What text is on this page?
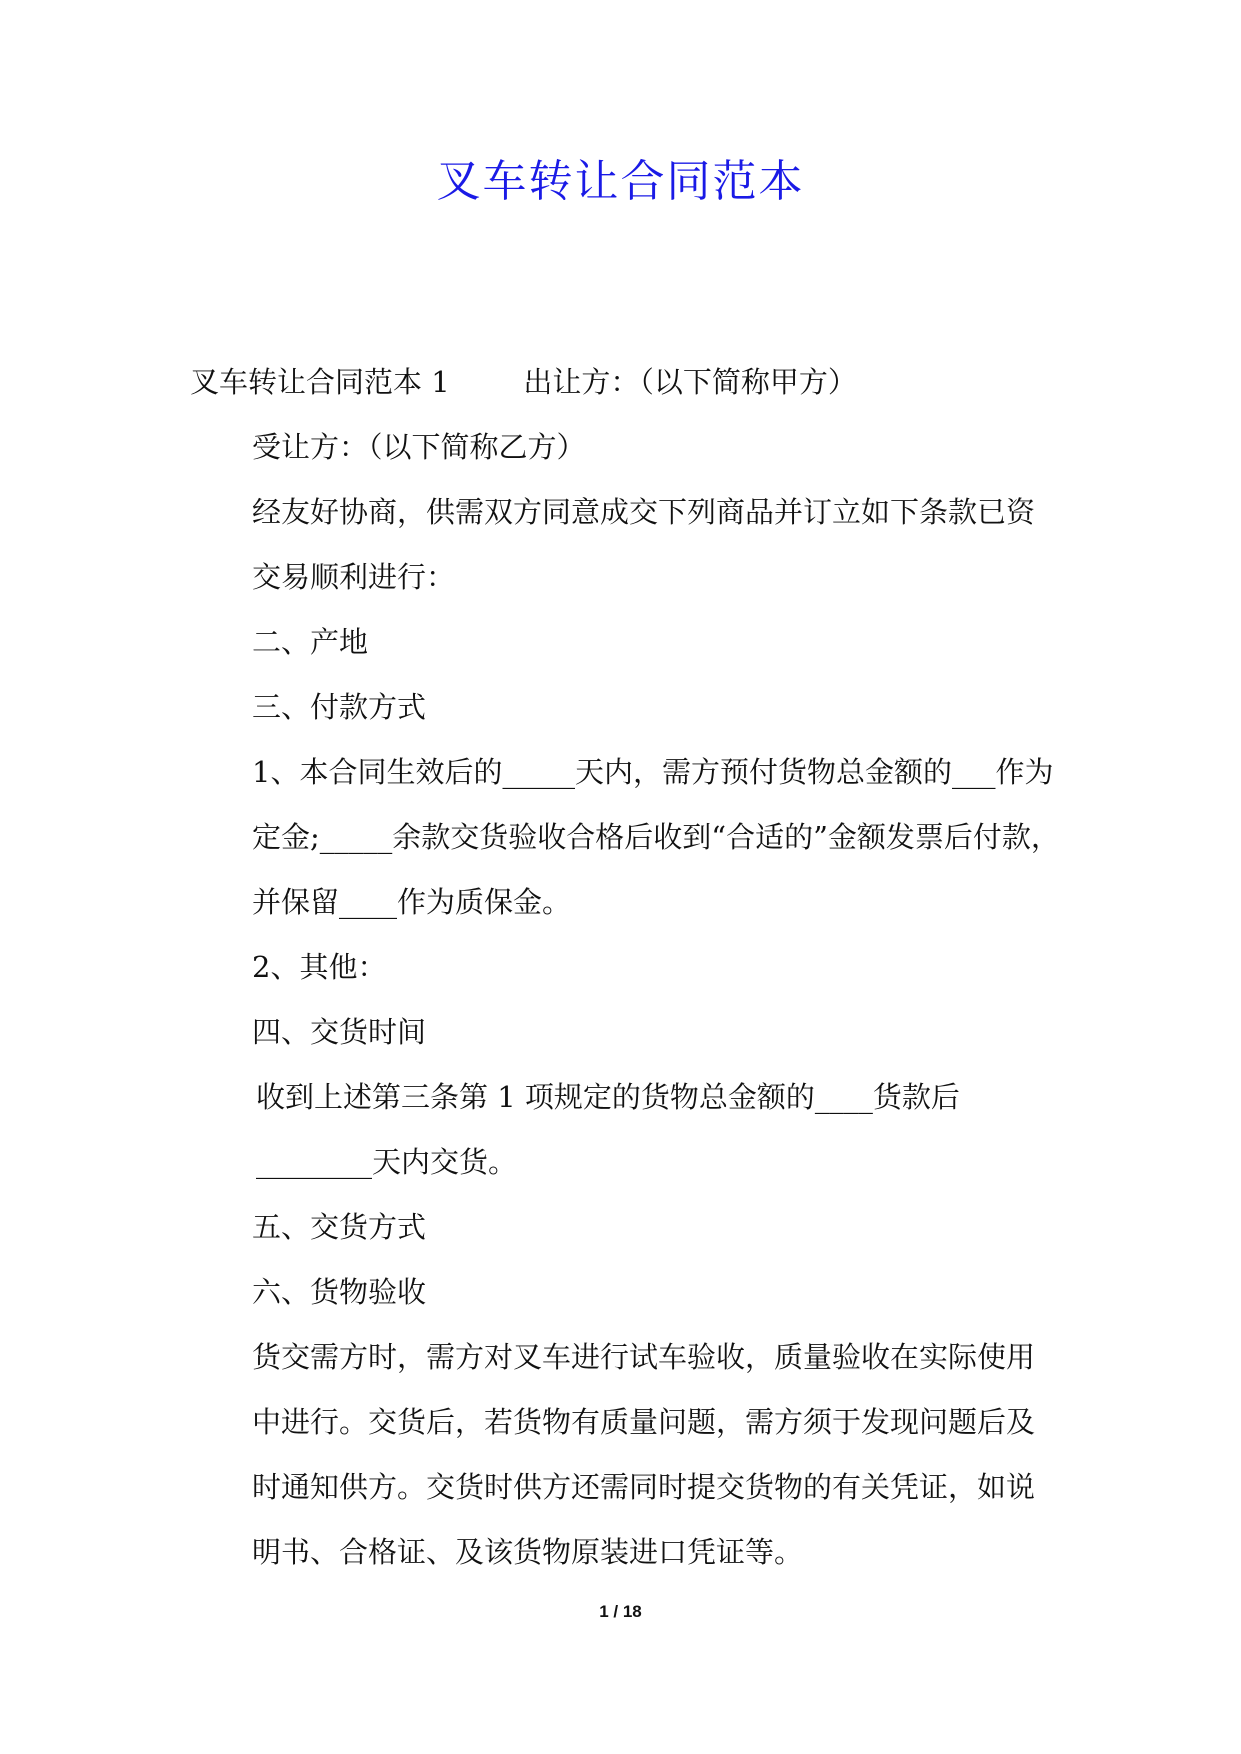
叉车转让合同范本

叉车转让合同范本 1        出让方：（以下简称甲方）

受让方：（以下简称乙方）

经友好协商，供需双方同意成交下列商品并订立如下条款已资交易顺利进行：

二、产地

三、付款方式

1、本合同生效后的_____天内，需方预付货物总金额的___作为定金;_____余款交货验收合格后收到“合适的”金额发票后付款，并保留____作为质保金。

2、其他：

四、交货时间

收到上述第三条第 1 项规定的货物总金额的____货款后________天内交货。

五、交货方式

六、货物验收

货交需方时，需方对叉车进行试车验收，质量验收在实际使用中进行。交货后，若货物有质量问题，需方须于发现问题后及时通知供方。交货时供方还需同时提交货物的有关凭证，如说明书、合格证、及该货物原装进口凭证等。

1 / 18
